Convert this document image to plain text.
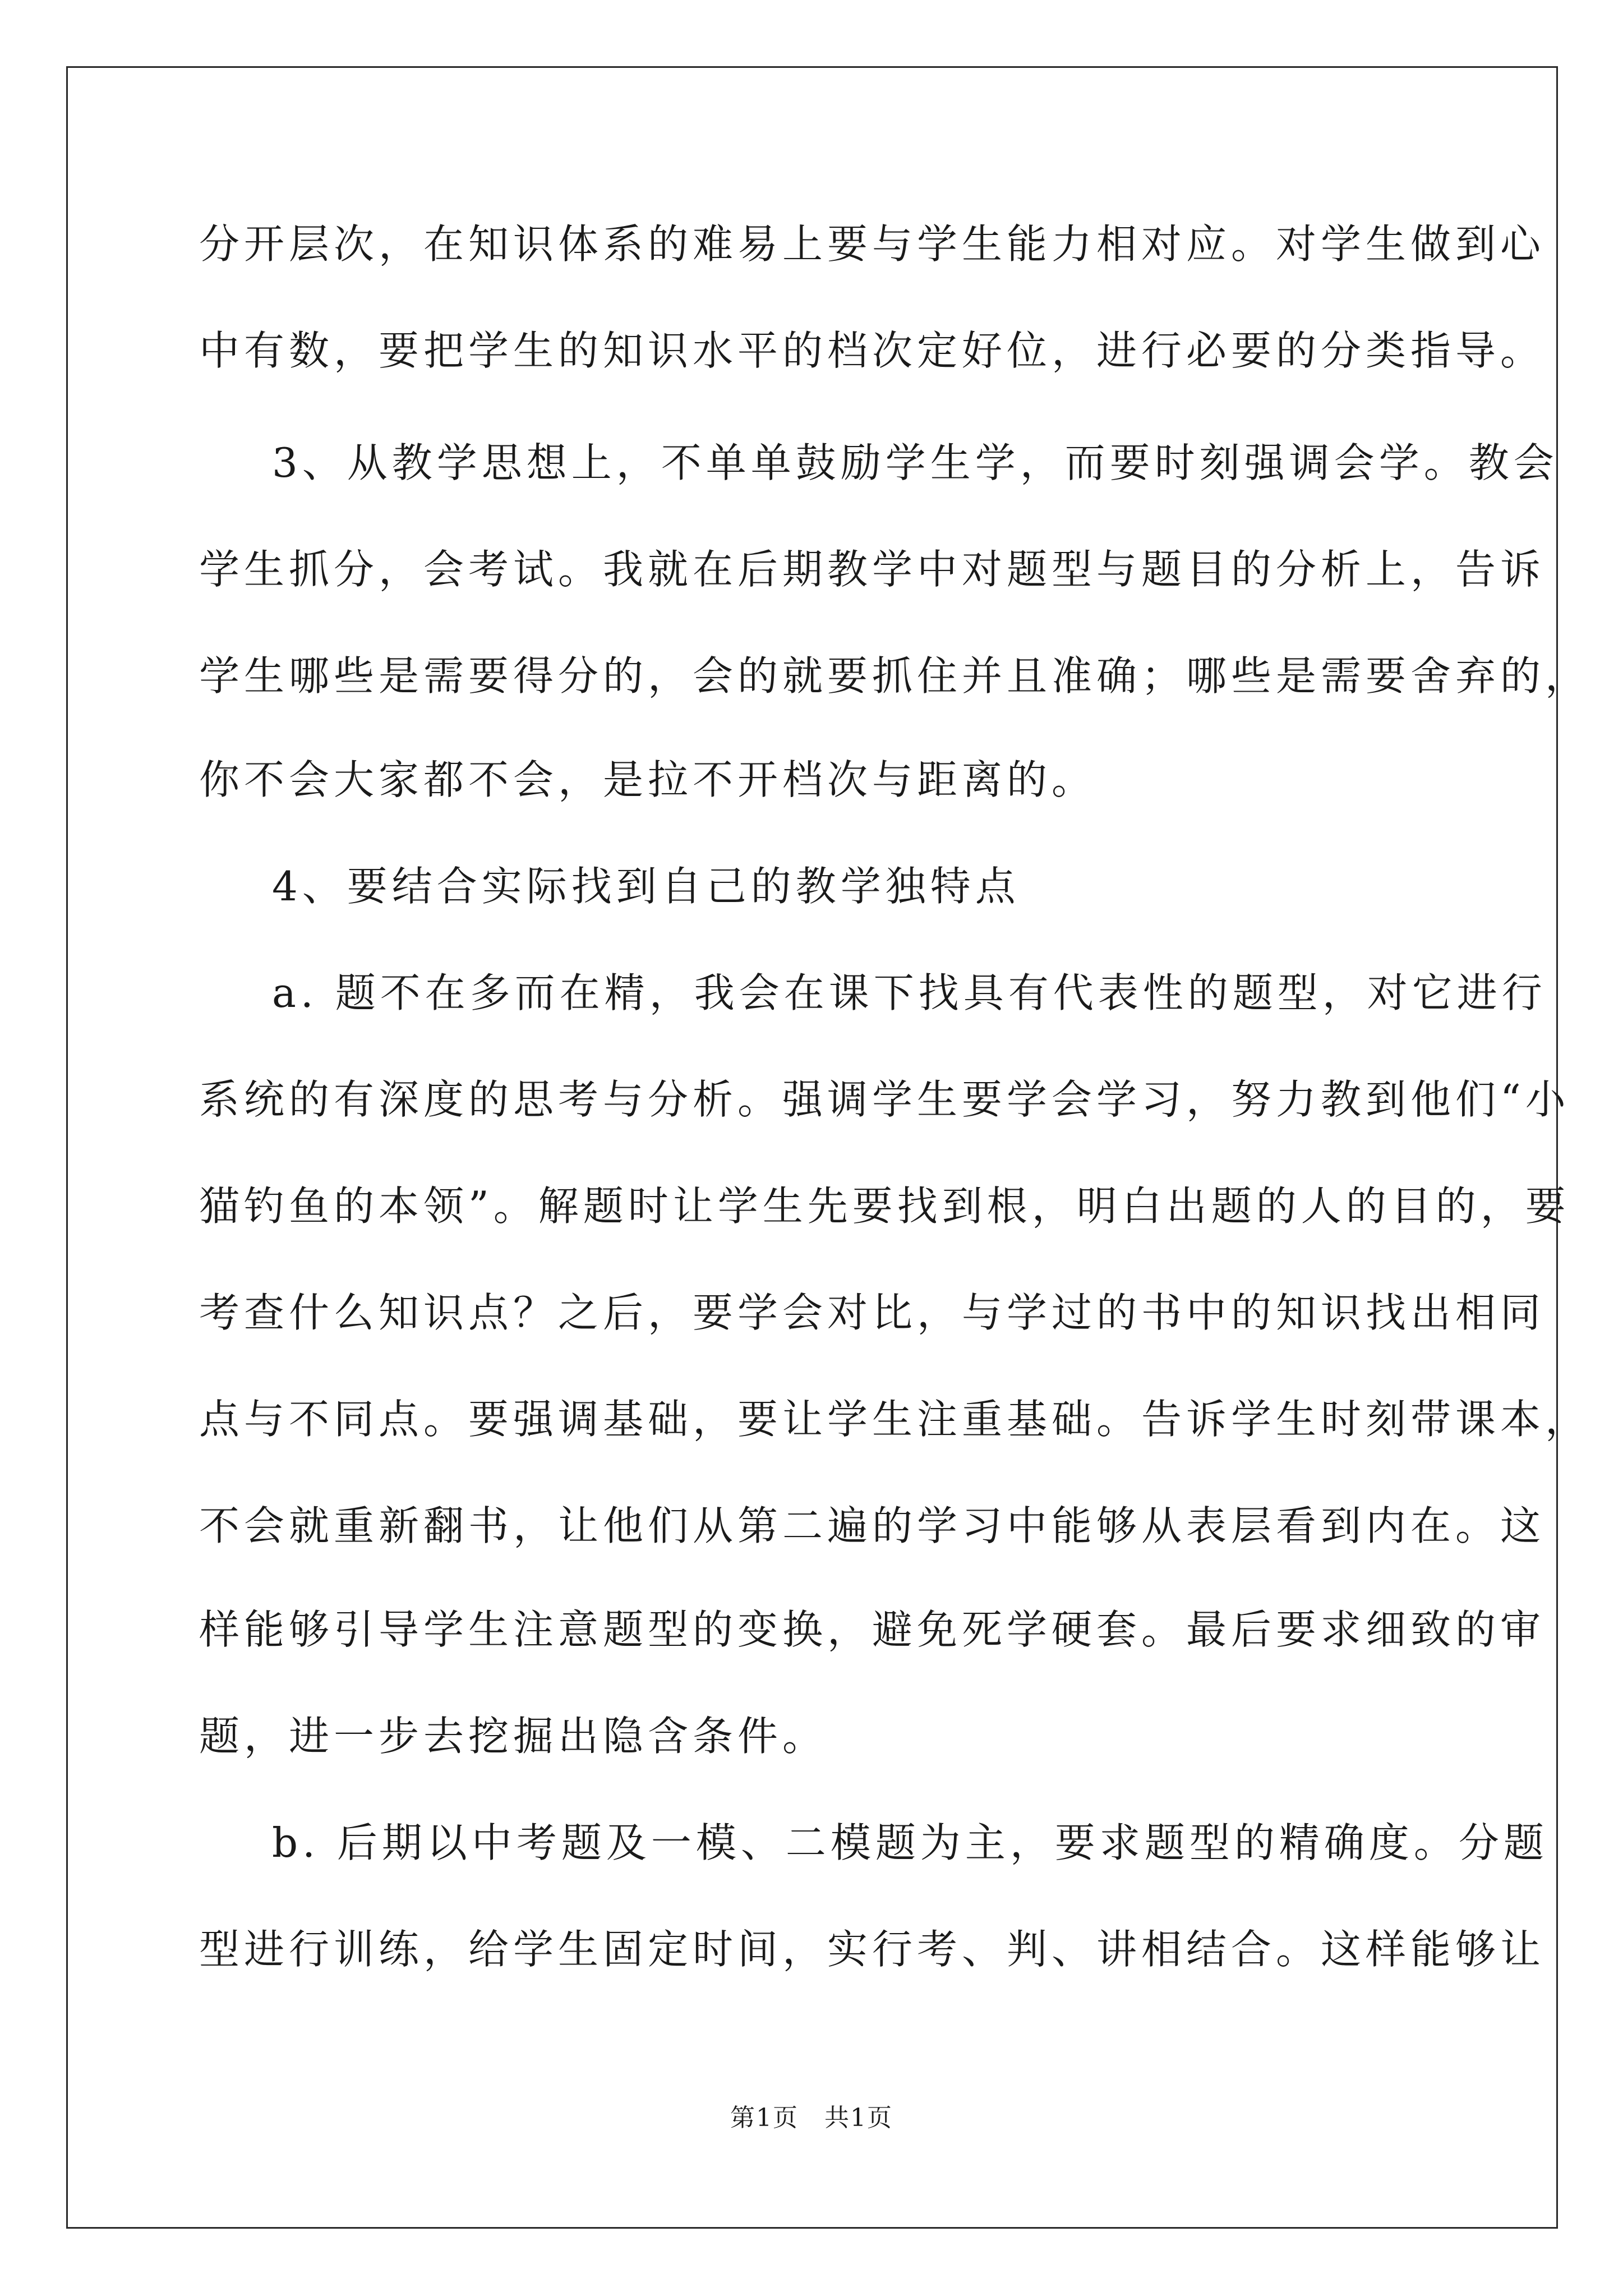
分开层次，在知识体系的难易上要与学生能力相对应。对学生做到心
中有数，要把学生的知识水平的档次定好位，进行必要的分类指导。
3、从教学思想上，不单单鼓励学生学，而要时刻强调会学。教会
学生抓分，会考试。我就在后期教学中对题型与题目的分析上，告诉
学生哪些是需要得分的，会的就要抓住并且准确；哪些是需要舍弃的，
你不会大家都不会，是拉不开档次与距离的。
4、要结合实际找到自己的教学独特点
a. 题不在多而在精，我会在课下找具有代表性的题型，对它进行
系统的有深度的思考与分析。强调学生要学会学习，努力教到他们“小
猫钓鱼的本领”。解题时让学生先要找到根，明白出题的人的目的，要
考查什么知识点？之后，要学会对比，与学过的书中的知识找出相同
点与不同点。要强调基础，要让学生注重基础。告诉学生时刻带课本，
不会就重新翻书，让他们从第二遍的学习中能够从表层看到内在。这
样能够引导学生注意题型的变换，避免死学硬套。最后要求细致的审
题，进一步去挖掘出隐含条件。
b. 后期以中考题及一模、二模题为主，要求题型的精确度。分题
型进行训练，给学生固定时间，实行考、判、讲相结合。这样能够让
第1页　共1页
